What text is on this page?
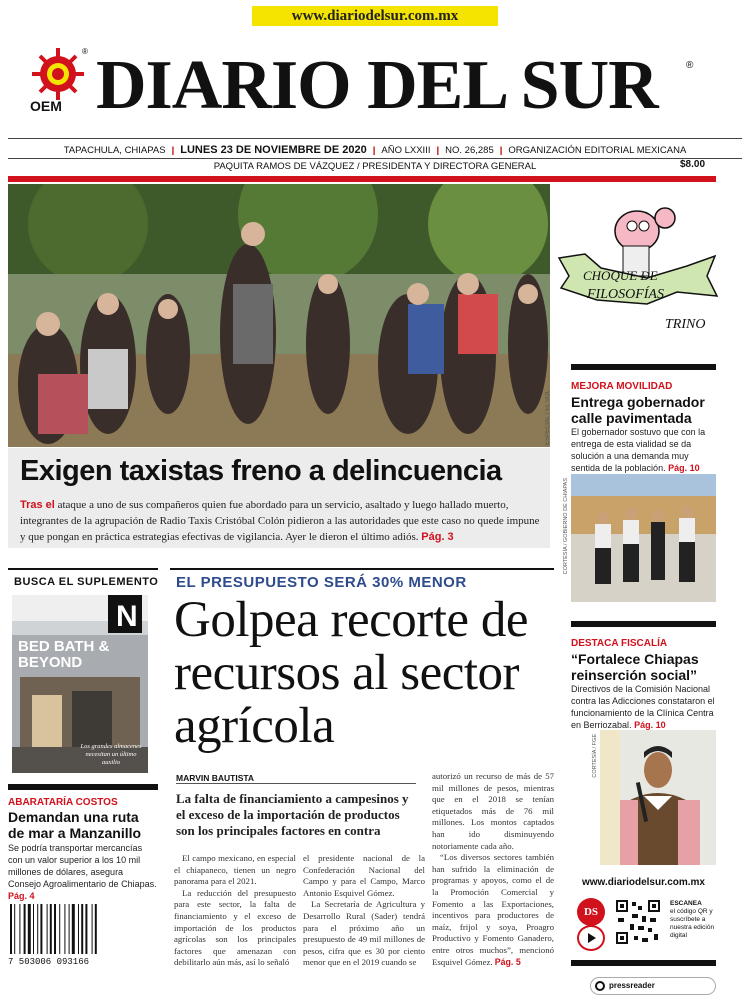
www.diariodelsur.com.mx
®
OEM DIARIO DEL SUR	®
TAPACHULA, CHIAPAS | LUNES 23 DE NOVIEMBRE DE 2020 | AÑO LXXIII | NO. 26,285 | ORGANIZACIÓN EDITORIAL MEXICANA
PAQUITA RAMOS DE VÁZQUEZ / PRESIDENTA Y DIRECTORA GENERAL	$8.00
ESPECIAL / EL SOL
Exigen taxistas freno a delincuencia
Tras el ataque a uno de sus compañeros quien fue abordado para un servicio, asaltado y luego hallado muerto, integrantes de la agrupación de Radio Taxis Cristóbal Colón pidieron a las autoridades que este caso no quede impune y que pongan en práctica estrategias efectivas de vigilancia. Ayer le dieron el último adiós. Pág. 3
CHOQUE DE
FILOSOFÍAS
TRINO
MEJORA MOVILIDAD
Entrega gobernador calle pavimentada
El gobernador sostuvo que con la entrega de esta vialidad se da solución a una demanda muy sentida de la población. Pág. 10
CORTESÍA / GOBIERNO DE CHIAPAS
DESTACA FISCALÍA
“Fortalece Chiapas reinserción social”
Directivos de la Comisión Nacional contra las Adicciones constataron el funcionamiento de la Clínica Centra en Berriozabal. Pág. 10
CORTESÍA / FGE
BUSCA EL SUPLEMENTO
N
BED BATH &
BEYOND
Los grandes almacenes necesitan un último auxilio
ABARATARÍA COSTOS
Demandan una ruta de mar a Manzanillo
Se podría transportar mercancías con un valor superior a los 10 mil millones de dólares, asegura Consejo Agroalimentario de Chiapas. Pág. 4
7 503006 093166
EL PRESUPUESTO SERÁ 30% MENOR
Golpea recorte de recursos al sector agrícola
MARVIN BAUTISTA
La falta de financiamiento a campesinos y el exceso de la importación de productos son los principales factores en contra

El campo mexicano, en especial el chiapaneco, tienen un negro panorama para el 2021.

La reducción del presupuesto para este sector, la falta de financiamiento y el exceso de importación de los productos agrícolas son los principales factores que amenazan con debilitarlo aún más, así lo señaló

el presidente nacional de la Confederación Nacional del Campo y para el Campo, Marco Antonio Esquivel Gómez.

La Secretaría de Agricultura y Desarrollo Rural (Sader) tendrá para el próximo año un presupuesto de 49 mil millones de pesos, cifra que es 30 por ciento menor que en el 2019 cuando se

autorizó un recurso de más de 57 mil millones de pesos, mientras que en el 2018 se tenían etiquetados más de 76 mil millones. Los montos captados han ido disminuyendo notoriamente cada año.

“Los diversos sectores también han sufrido la eliminación de programas y apoyos, como el de la Promoción Comercial y Fomento a las Exportaciones, incentivos para productores de maíz, frijol y soya, Proagro Productivo y Fomento Ganadero, entre otros muchos”, mencionó Esquivel Gómez. Pág. 5

www.diariodelsur.com.mx
DS
ESCANEA
el código QR y suscríbete a nuestra edición digital
pressreader
